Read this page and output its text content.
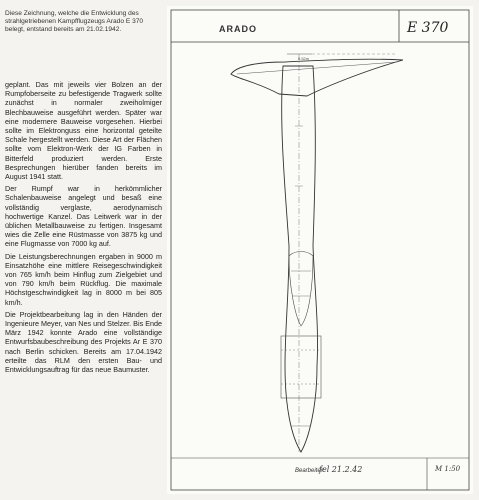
Diese Zeichnung, welche die Entwicklung des strahlgetriebenen Kampfflugzeugs Arado E 370 belegt, entstand bereits am 21.02.1942.

geplant. Das mit jeweils vier Bolzen an der Rumpfoberseite zu befestigende Tragwerk sollte zunächst in normaler zweiholmiger Blechbauweise ausgeführt werden. Später war eine modernere Bauweise vorgesehen. Hierbei sollte im Elektronguss eine horizontal geteilte Schale hergestellt werden. Diese Art der Flächen sollte vom Elektron-Werk der IG Farben in Bitterfeld produziert werden. Erste Besprechungen hierüber fanden bereits im August 1941 statt.

Der Rumpf war in herkömmlicher Schalenbauweise angelegt und besaß eine vollständig verglaste, aerodynamisch hochwertige Kanzel. Das Leitwerk war in der üblichen Metallbauweise zu fertigen. Insgesamt wies die Zelle eine Rüstmasse von 3875 kg und eine Flugmasse von 7000 kg auf.

Die Leistungsberechnungen ergaben in 9000 m Einsatzhöhe eine mittlere Reisegeschwindigkeit von 765 km/h beim Hinflug zum Zielgebiet und von 790 km/h beim Rückflug. Die maximale Höchstgeschwindigkeit lag in 8000 m bei 805 km/h.

Die Projektbearbeitung lag in den Händen der Ingenieure Meyer, van Nes und Stelzer. Bis Ende März 1942 konnte Arado eine vollständige Entwurfsbaubeschreibung des Projekts Ar E 370 nach Berlin schicken. Bereits am 17.04.1942 erteilte das RLM den ersten Bau- und Entwicklungsauftrag für das neue Baumuster.

ARADO	E 370
0.52m
Bearbeiter:
fel 21.2.42	M 1:50
